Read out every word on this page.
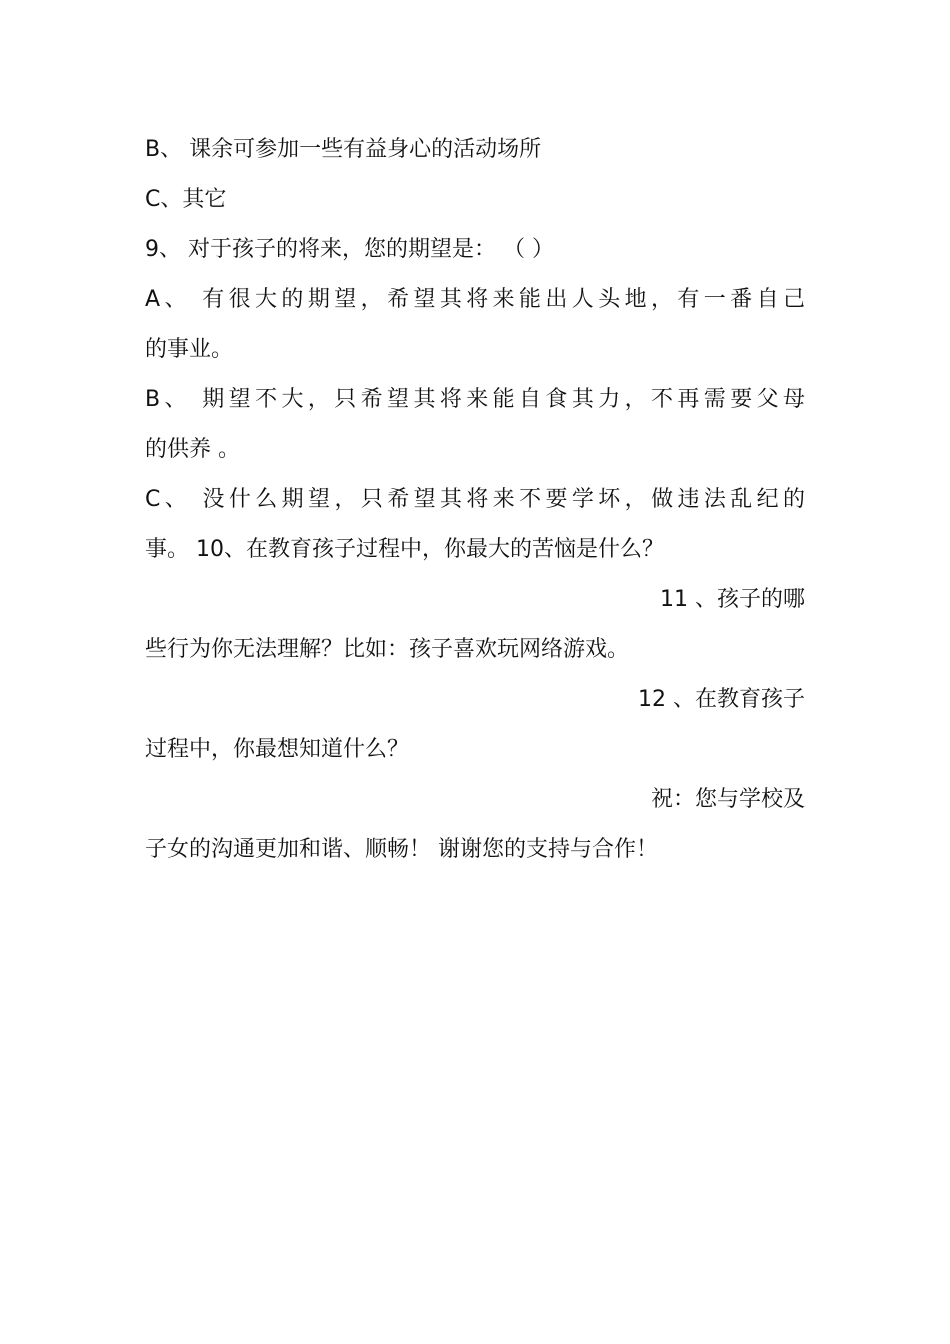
B、 课余可参加一些有益身心的活动场所
C、其它
9、 对于孩子的将来，您的期望是： （ ）
A、 有很大的期望，希望其将来能出人头地，有一番自己
的事业。
B、 期望不大，只希望其将来能自食其力，不再需要父母
的供养 。
C、 没什么期望，只希望其将来不要学坏，做违法乱纪的
事。 10、在教育孩子过程中，你最大的苦恼是什么？
11 、孩子的哪
些行为你无法理解？比如：孩子喜欢玩网络游戏。
12 、在教育孩子
过程中，你最想知道什么？
祝：您与学校及
子女的沟通更加和谐、顺畅！ 谢谢您的支持与合作！
